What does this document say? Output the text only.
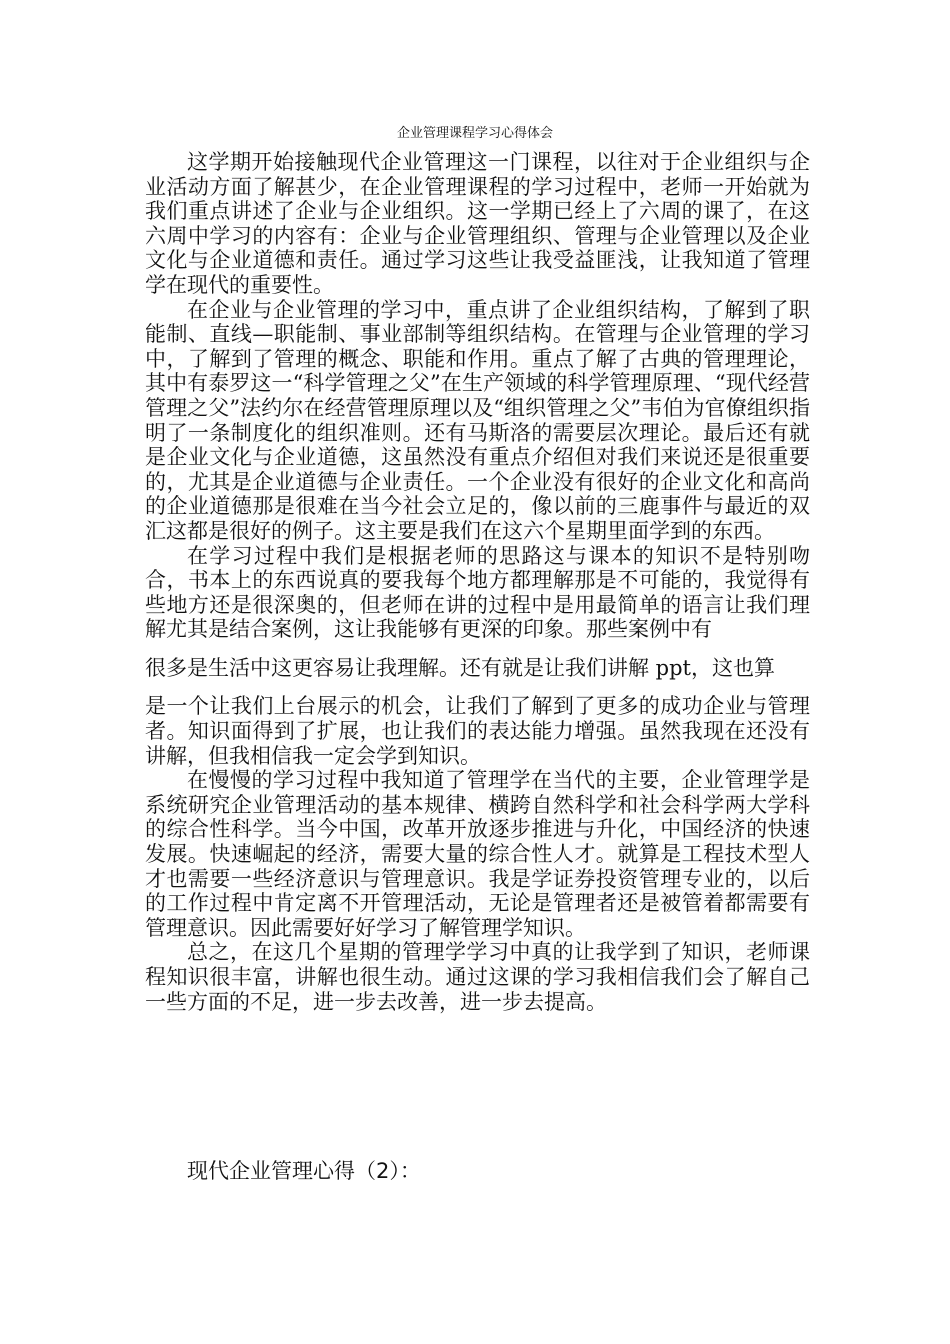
企业管理课程学习心得体会

这学期开始接触现代企业管理这一门课程，以往对于企业组织与企业活动方面了解甚少，在企业管理课程的学习过程中，老师一开始就为我们重点讲述了企业与企业组织。这一学期已经上了六周的课了，在这六周中学习的内容有：企业与企业管理组织、管理与企业管理以及企业文化与企业道德和责任。通过学习这些让我受益匪浅，让我知道了管理学在现代的重要性。

在企业与企业管理的学习中，重点讲了企业组织结构，了解到了职能制、直线—职能制、事业部制等组织结构。在管理与企业管理的学习中，了解到了管理的概念、职能和作用。重点了解了古典的管理理论，其中有泰罗这一“科学管理之父”在生产领域的科学管理原理、“现代经营管理之父”法约尔在经营管理原理以及“组织管理之父”韦伯为官僚组织指明了一条制度化的组织准则。还有马斯洛的需要层次理论。最后还有就是企业文化与企业道德，这虽然没有重点介绍但对我们来说还是很重要的，尤其是企业道德与企业责任。一个企业没有很好的企业文化和高尚的企业道德那是很难在当今社会立足的，像以前的三鹿事件与最近的双汇这都是很好的例子。这主要是我们在这六个星期里面学到的东西。

在学习过程中我们是根据老师的思路这与课本的知识不是特别吻合，书本上的东西说真的要我每个地方都理解那是不可能的，我觉得有些地方还是很深奥的，但老师在讲的过程中是用最简单的语言让我们理解尤其是结合案例，这让我能够有更深的印象。那些案例中有

很多是生活中这更容易让我理解。还有就是让我们讲解 ppt，这也算

是一个让我们上台展示的机会，让我们了解到了更多的成功企业与管理者。知识面得到了扩展，也让我们的表达能力增强。虽然我现在还没有讲解，但我相信我一定会学到知识。

在慢慢的学习过程中我知道了管理学在当代的主要，企业管理学是系统研究企业管理活动的基本规律、横跨自然科学和社会科学两大学科的综合性科学。当今中国，改革开放逐步推进与升化，中国经济的快速发展。快速崛起的经济，需要大量的综合性人才。就算是工程技术型人才也需要一些经济意识与管理意识。我是学证券投资管理专业的，以后的工作过程中肯定离不开管理活动，无论是管理者还是被管着都需要有管理意识。因此需要好好学习了解管理学知识。

总之，在这几个星期的管理学学习中真的让我学到了知识，老师课程知识很丰富，讲解也很生动。通过这课的学习我相信我们会了解自己一些方面的不足，进一步去改善，进一步去提高。

现代企业管理心得（2）：
